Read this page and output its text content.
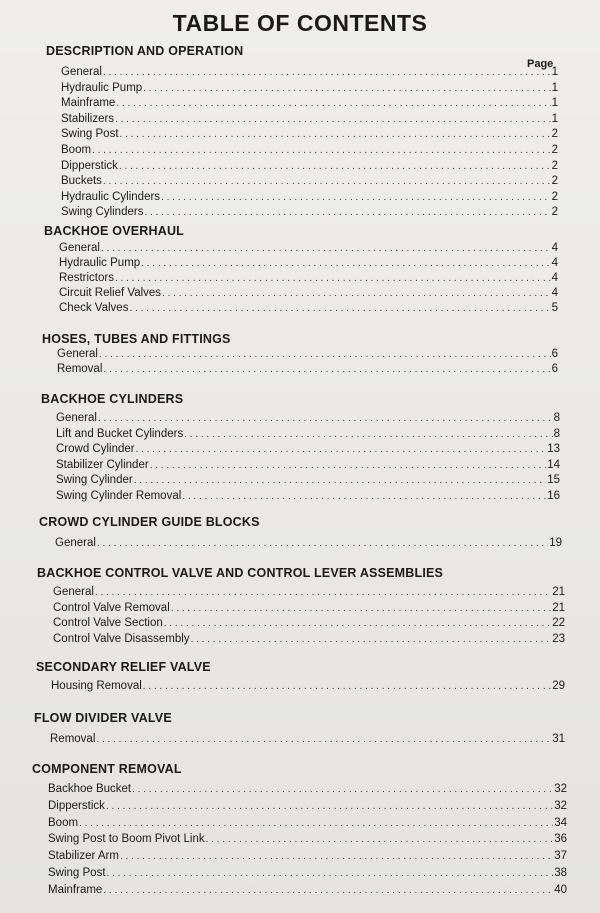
TABLE OF CONTENTS
Page
DESCRIPTION AND OPERATION
General . . .	1
Hydraulic Pump . . .	1
Mainframe . . .	1
Stabilizers . . .	1
Swing Post . . .	2
Boom . . .	2
Dipperstick . . .	2
Buckets . . .	2
Hydraulic Cylinders . . .	2
Swing Cylinders . . .	2
BACKHOE OVERHAUL
General . . .	4
Hydraulic Pump . . .	4
Restrictors . . .	4
Circuit Relief Valves . . .	4
Check Valves . . .	5
HOSES, TUBES AND FITTINGS
General . . .	6
Removal . . .	6
BACKHOE CYLINDERS
General . . .	8
Lift and Bucket Cylinders . . .	8
Crowd Cylinder . . .	13
Stabilizer Cylinder . . .	14
Swing Cylinder . . .	15
Swing Cylinder Removal . . .	16
CROWD CYLINDER GUIDE BLOCKS
General . . .	19
BACKHOE CONTROL VALVE AND CONTROL LEVER ASSEMBLIES
General . . .	21
Control Valve Removal . . .	21
Control Valve Section . . .	22
Control Valve Disassembly . . .	23
SECONDARY RELIEF VALVE
Housing Removal . . .	29
FLOW DIVIDER VALVE
Removal . . .	31
COMPONENT REMOVAL
Backhoe Bucket . . .	32
Dipperstick . . .	32
Boom . . .	34
Swing Post to Boom Pivot Link . . .	36
Stabilizer Arm . . .	37
Swing Post . . .	38
Mainframe . . .	40
